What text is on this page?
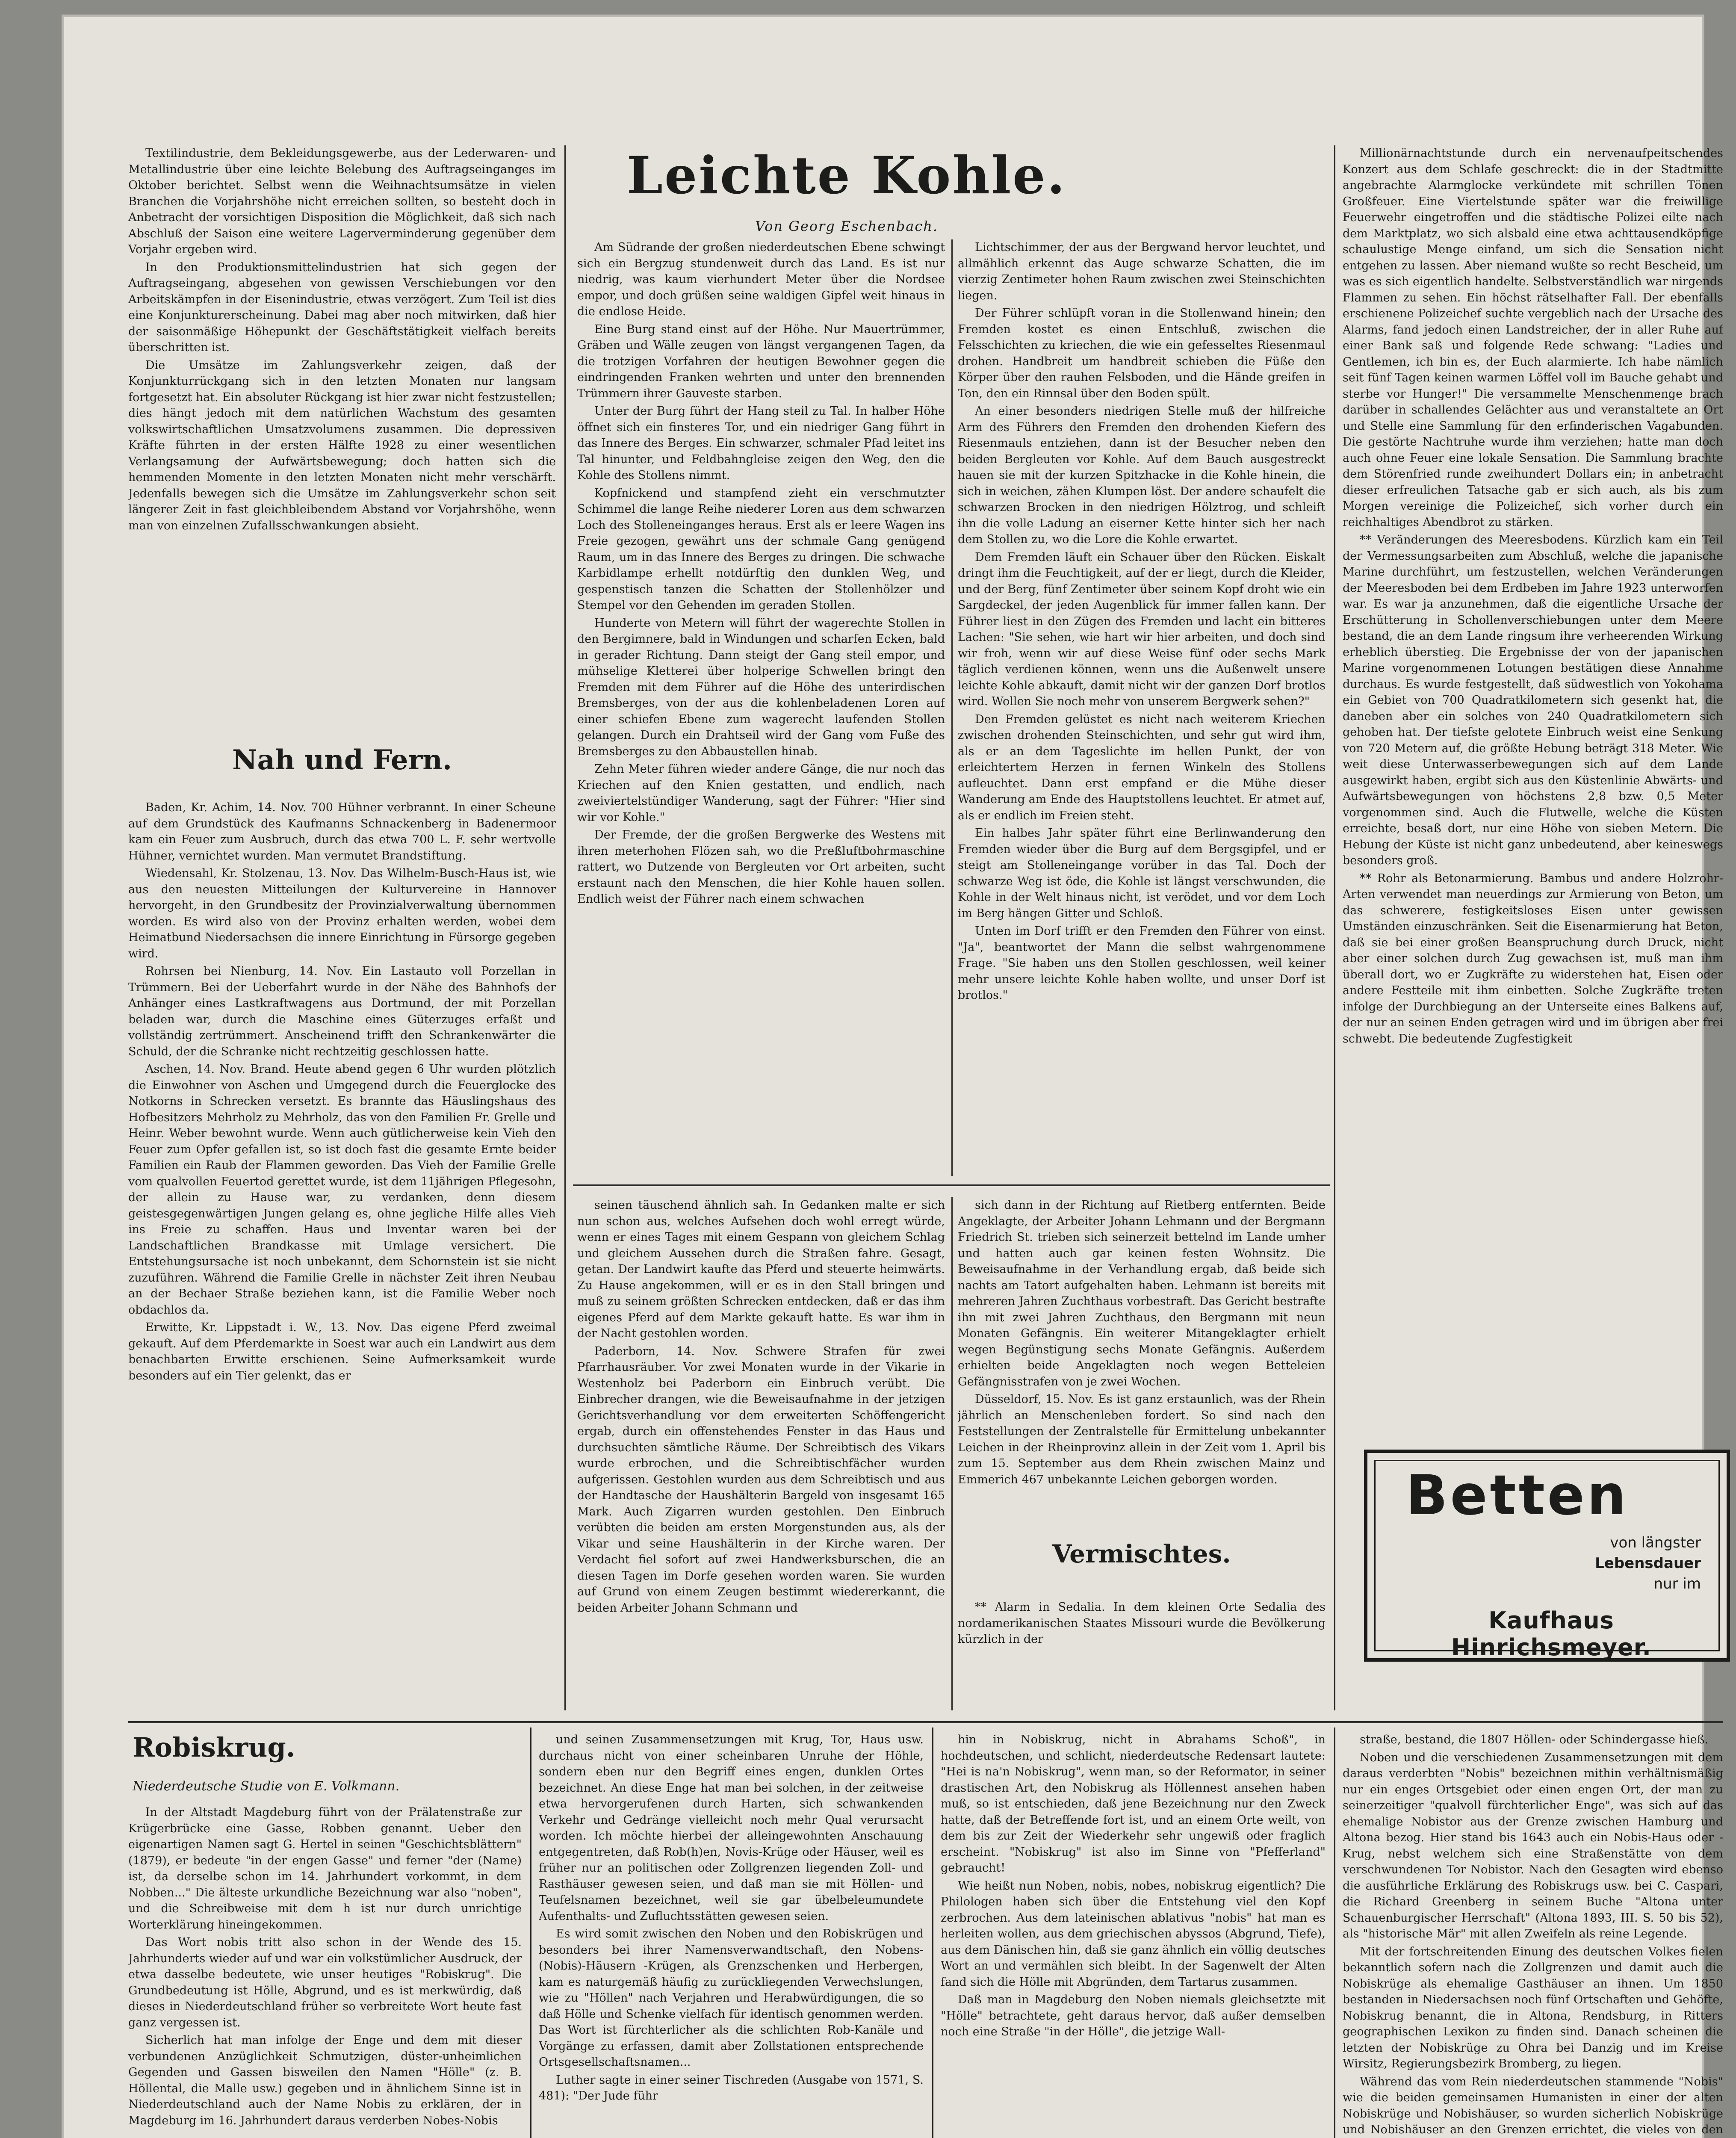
Textilindustrie, dem Bekleidungsgewerbe, aus der Lederwaren- und Metallindustrie über eine leichte Belebung des Auftragseinganges im Oktober berichtet. Selbst wenn die Weihnachtsumsätze in vielen Branchen die Vorjahrshöhe nicht erreichen sollten, so besteht doch in Anbetracht der vorsichtigen Disposition die Möglichkeit, daß sich nach Abschluß der Saison eine weitere Lagerverminderung gegenüber dem Vorjahr ergeben wird.

In den Produktionsmittelindustrien hat sich gegen der Auftragseingang, abgesehen von gewissen Verschiebungen vor den Arbeitskämpfen in der Eisenindustrie, etwas verzögert. Zum Teil ist dies eine Konjunkturerscheinung. Dabei mag aber noch mitwirken, daß hier der saisonmäßige Höhepunkt der Geschäftstätigkeit vielfach bereits überschritten ist.

Die Umsätze im Zahlungsverkehr zeigen, daß der Konjunkturrückgang sich in den letzten Monaten nur langsam fortgesetzt hat. Ein absoluter Rückgang ist hier zwar nicht festzustellen; dies hängt jedoch mit dem natürlichen Wachstum des gesamten volkswirtschaftlichen Umsatzvolumens zusammen. Die depressiven Kräfte führten in der ersten Hälfte 1928 zu einer wesentlichen Verlangsamung der Aufwärtsbewegung; doch hatten sich die hemmenden Momente in den letzten Monaten nicht mehr verschärft. Jedenfalls bewegen sich die Umsätze im Zahlungsverkehr schon seit längerer Zeit in fast gleichbleibendem Abstand vor Vorjahrshöhe, wenn man von einzelnen Zufallsschwankungen absieht.

Nah und Fern.

Baden, Kr. Achim, 14. Nov. 700 Hühner verbrannt. In einer Scheune auf dem Grundstück des Kaufmanns Schnackenberg in Badenermoor kam ein Feuer zum Ausbruch, durch das etwa 700 L. F. sehr wertvolle Hühner, vernichtet wurden. Man vermutet Brandstiftung.

Wiedensahl, Kr. Stolzenau, 13. Nov. Das Wilhelm-Busch-Haus ist, wie aus den neuesten Mitteilungen der Kulturvereine in Hannover hervorgeht, in den Grundbesitz der Provinzialverwaltung übernommen worden. Es wird also von der Provinz erhalten werden, wobei dem Heimatbund Niedersachsen die innere Einrichtung in Fürsorge gegeben wird.

Rohrsen bei Nienburg, 14. Nov. Ein Lastauto voll Porzellan in Trümmern. Bei der Ueberfahrt wurde in der Nähe des Bahnhofs der Anhänger eines Lastkraftwagens aus Dortmund, der mit Porzellan beladen war, durch die Maschine eines Güterzuges erfaßt und vollständig zertrümmert. Anscheinend trifft den Schrankenwärter die Schuld, der die Schranke nicht rechtzeitig geschlossen hatte.

Aschen, 14. Nov. Brand. Heute abend gegen 6 Uhr wurden plötzlich die Einwohner von Aschen und Umgegend durch die Feuerglocke des Notkorns in Schrecken versetzt. Es brannte das Häuslingshaus des Hofbesitzers Mehrholz zu Mehrholz, das von den Familien Fr. Grelle und Heinr. Weber bewohnt wurde. Wenn auch gütlicherweise kein Vieh den Feuer zum Opfer gefallen ist, so ist doch fast die gesamte Ernte beider Familien ein Raub der Flammen geworden. Das Vieh der Familie Grelle vom qualvollen Feuertod gerettet wurde, ist dem 11jährigen Pflegesohn, der allein zu Hause war, zu verdanken, denn diesem geistesgegenwärtigen Jungen gelang es, ohne jegliche Hilfe alles Vieh ins Freie zu schaffen. Haus und Inventar waren bei der Landschaftlichen Brandkasse mit Umlage versichert. Die Entstehungsursache ist noch unbekannt, dem Schornstein ist sie nicht zuzuführen. Während die Familie Grelle in nächster Zeit ihren Neubau an der Bechaer Straße beziehen kann, ist die Familie Weber noch obdachlos da.

Erwitte, Kr. Lippstadt i. W., 13. Nov. Das eigene Pferd zweimal gekauft. Auf dem Pferdemarkte in Soest war auch ein Landwirt aus dem benachbarten Erwitte erschienen. Seine Aufmerksamkeit wurde besonders auf ein Tier gelenkt, das er

Leichte Kohle.
Von Georg Eschenbach.

Am Südrande der großen niederdeutschen Ebene schwingt sich ein Bergzug stundenweit durch das Land. Es ist nur niedrig, was kaum vierhundert Meter über die Nordsee empor, und doch grüßen seine waldigen Gipfel weit hinaus in die endlose Heide.

Eine Burg stand einst auf der Höhe. Nur Mauertrümmer, Gräben und Wälle zeugen von längst vergangenen Tagen, da die trotzigen Vorfahren der heutigen Bewohner gegen die eindringenden Franken wehrten und unter den brennenden Trümmern ihrer Gauveste starben.

Unter der Burg führt der Hang steil zu Tal. In halber Höhe öffnet sich ein finsteres Tor, und ein niedriger Gang führt in das Innere des Berges. Ein schwarzer, schmaler Pfad leitet ins Tal hinunter, und Feldbahngleise zeigen den Weg, den die Kohle des Stollens nimmt.

Kopfnickend und stampfend zieht ein verschmutzter Schimmel die lange Reihe niederer Loren aus dem schwarzen Loch des Stolleneinganges heraus. Erst als er leere Wagen ins Freie gezogen, gewährt uns der schmale Gang genügend Raum, um in das Innere des Berges zu dringen. Die schwache Karbidlampe erhellt notdürftig den dunklen Weg, und gespenstisch tanzen die Schatten der Stollenhölzer und Stempel vor den Gehenden im geraden Stollen.

Hunderte von Metern will führt der wagerechte Stollen in den Bergimnere, bald in Windungen und scharfen Ecken, bald in gerader Richtung. Dann steigt der Gang steil empor, und mühselige Kletterei über holperige Schwellen bringt den Fremden mit dem Führer auf die Höhe des unterirdischen Bremsberges, von der aus die kohlenbeladenen Loren auf einer schiefen Ebene zum wagerecht laufenden Stollen gelangen. Durch ein Drahtseil wird der Gang vom Fuße des Bremsberges zu den Abbaustellen hinab.

Zehn Meter führen wieder andere Gänge, die nur noch das Kriechen auf den Knien gestatten, und endlich, nach zweiviertelstündiger Wanderung, sagt der Führer: "Hier sind wir vor Kohle."

Der Fremde, der die großen Bergwerke des Westens mit ihren meterhohen Flözen sah, wo die Preßluftbohrmaschine rattert, wo Dutzende von Bergleuten vor Ort arbeiten, sucht erstaunt nach den Menschen, die hier Kohle hauen sollen. Endlich weist der Führer nach einem schwachen

Lichtschimmer, der aus der Bergwand hervor leuchtet, und allmählich erkennt das Auge schwarze Schatten, die im vierzig Zentimeter hohen Raum zwischen zwei Steinschichten liegen.

Der Führer schlüpft voran in die Stollenwand hinein; den Fremden kostet es einen Entschluß, zwischen die Felsschichten zu kriechen, die wie ein gefesseltes Riesenmaul drohen. Handbreit um handbreit schieben die Füße den Körper über den rauhen Felsboden, und die Hände greifen in Ton, den ein Rinnsal über den Boden spült.

An einer besonders niedrigen Stelle muß der hilfreiche Arm des Führers den Fremden den drohenden Kiefern des Riesenmauls entziehen, dann ist der Besucher neben den beiden Bergleuten vor Kohle. Auf dem Bauch ausgestreckt hauen sie mit der kurzen Spitzhacke in die Kohle hinein, die sich in weichen, zähen Klumpen löst. Der andere schaufelt die schwarzen Brocken in den niedrigen Hölztrog, und schleift ihn die volle Ladung an eiserner Kette hinter sich her nach dem Stollen zu, wo die Lore die Kohle erwartet.

Dem Fremden läuft ein Schauer über den Rücken. Eiskalt dringt ihm die Feuchtigkeit, auf der er liegt, durch die Kleider, und der Berg, fünf Zentimeter über seinem Kopf droht wie ein Sargdeckel, der jeden Augenblick für immer fallen kann. Der Führer liest in den Zügen des Fremden und lacht ein bitteres Lachen: "Sie sehen, wie hart wir hier arbeiten, und doch sind wir froh, wenn wir auf diese Weise fünf oder sechs Mark täglich verdienen können, wenn uns die Außenwelt unsere leichte Kohle abkauft, damit nicht wir der ganzen Dorf brotlos wird. Wollen Sie noch mehr von unserem Bergwerk sehen?"

Den Fremden gelüstet es nicht nach weiterem Kriechen zwischen drohenden Steinschichten, und sehr gut wird ihm, als er an dem Tageslichte im hellen Punkt, der von erleichtertem Herzen in fernen Winkeln des Stollens aufleuchtet. Dann erst empfand er die Mühe dieser Wanderung am Ende des Hauptstollens leuchtet. Er atmet auf, als er endlich im Freien steht.

Ein halbes Jahr später führt eine Berlinwanderung den Fremden wieder über die Burg auf dem Bergsgipfel, und er steigt am Stolleneingange vorüber in das Tal. Doch der schwarze Weg ist öde, die Kohle ist längst verschwunden, die Kohle in der Welt hinaus nicht, ist verödet, und vor dem Loch im Berg hängen Gitter und Schloß.

Unten im Dorf trifft er den Fremden den Führer von einst. "Ja", beantwortet der Mann die selbst wahrgenommene Frage. "Sie haben uns den Stollen geschlossen, weil keiner mehr unsere leichte Kohle haben wollte, und unser Dorf ist brotlos."

Millionärnachtstunde durch ein nervenaufpeitschendes Konzert aus dem Schlafe geschreckt: die in der Stadtmitte angebrachte Alarmglocke verkündete mit schrillen Tönen Großfeuer. Eine Viertelstunde später war die freiwillige Feuerwehr eingetroffen und die städtische Polizei eilte nach dem Marktplatz, wo sich alsbald eine etwa achttausendköpfige schaulustige Menge einfand, um sich die Sensation nicht entgehen zu lassen. Aber niemand wußte so recht Bescheid, um was es sich eigentlich handelte. Selbstverständlich war nirgends Flammen zu sehen. Ein höchst rätselhafter Fall. Der ebenfalls erschienene Polizeichef suchte vergeblich nach der Ursache des Alarms, fand jedoch einen Landstreicher, der in aller Ruhe auf einer Bank saß und folgende Rede schwang: "Ladies und Gentlemen, ich bin es, der Euch alarmierte. Ich habe nämlich seit fünf Tagen keinen warmen Löffel voll im Bauche gehabt und sterbe vor Hunger!" Die versammelte Menschenmenge brach darüber in schallendes Gelächter aus und veranstaltete an Ort und Stelle eine Sammlung für den erfinderischen Vagabunden. Die gestörte Nachtruhe wurde ihm verziehen; hatte man doch auch ohne Feuer eine lokale Sensation. Die Sammlung brachte dem Störenfried runde zweihundert Dollars ein; in anbetracht dieser erfreulichen Tatsache gab er sich auch, als bis zum Morgen vereinige die Polizeichef, sich vorher durch ein reichhaltiges Abendbrot zu stärken.

** Veränderungen des Meeresbodens. Kürzlich kam ein Teil der Vermessungsarbeiten zum Abschluß, welche die japanische Marine durchführt, um festzustellen, welchen Veränderungen der Meeresboden bei dem Erdbeben im Jahre 1923 unterworfen war. Es war ja anzunehmen, daß die eigentliche Ursache der Erschütterung in Schollenverschiebungen unter dem Meere bestand, die an dem Lande ringsum ihre verheerenden Wirkung erheblich überstieg. Die Ergebnisse der von der japanischen Marine vorgenommenen Lotungen bestätigen diese Annahme durchaus. Es wurde festgestellt, daß südwestlich von Yokohama ein Gebiet von 700 Quadratkilometern sich gesenkt hat, die daneben aber ein solches von 240 Quadratkilometern sich gehoben hat. Der tiefste gelotete Einbruch weist eine Senkung von 720 Metern auf, die größte Hebung beträgt 318 Meter. Wie weit diese Unterwasserbewegungen sich auf dem Lande ausgewirkt haben, ergibt sich aus den Küstenlinie Abwärts- und Aufwärtsbewegungen von höchstens 2,8 bzw. 0,5 Meter vorgenommen sind. Auch die Flutwelle, welche die Küsten erreichte, besaß dort, nur eine Höhe von sieben Metern. Die Hebung der Küste ist nicht ganz unbedeutend, aber keineswegs besonders groß.

** Rohr als Betonarmierung. Bambus und andere Holzrohr-Arten verwendet man neuerdings zur Armierung von Beton, um das schwerere, festigkeitsloses Eisen unter gewissen Umständen einzuschränken. Seit die Eisenarmierung hat Beton, daß sie bei einer großen Beanspruchung durch Druck, nicht aber einer solchen durch Zug gewachsen ist, muß man ihm überall dort, wo er Zugkräfte zu widerstehen hat, Eisen oder andere Festteile mit ihm einbetten. Solche Zugkräfte treten infolge der Durchbiegung an der Unterseite eines Balkens auf, der nur an seinen Enden getragen wird und im übrigen aber frei schwebt. Die bedeutende Zugfestigkeit

seinen täuschend ähnlich sah. In Gedanken malte er sich nun schon aus, welches Aufsehen doch wohl erregt würde, wenn er eines Tages mit einem Gespann von gleichem Schlag und gleichem Aussehen durch die Straßen fahre. Gesagt, getan. Der Landwirt kaufte das Pferd und steuerte heimwärts. Zu Hause angekommen, will er es in den Stall bringen und muß zu seinem größten Schrecken entdecken, daß er das ihm eigenes Pferd auf dem Markte gekauft hatte. Es war ihm in der Nacht gestohlen worden.

Paderborn, 14. Nov. Schwere Strafen für zwei Pfarrhausräuber. Vor zwei Monaten wurde in der Vikarie in Westenholz bei Paderborn ein Einbruch verübt. Die Einbrecher drangen, wie die Beweisaufnahme in der jetzigen Gerichtsverhandlung vor dem erweiterten Schöffengericht ergab, durch ein offenstehendes Fenster in das Haus und durchsuchten sämtliche Räume. Der Schreibtisch des Vikars wurde erbrochen, und die Schreibtischfächer wurden aufgerissen. Gestohlen wurden aus dem Schreibtisch und aus der Handtasche der Haushälterin Bargeld von insgesamt 165 Mark. Auch Zigarren wurden gestohlen. Den Einbruch verübten die beiden am ersten Morgenstunden aus, als der Vikar und seine Haushälterin in der Kirche waren. Der Verdacht fiel sofort auf zwei Handwerksburschen, die an diesen Tagen im Dorfe gesehen worden waren. Sie wurden auf Grund von einem Zeugen bestimmt wiedererkannt, die beiden Arbeiter Johann Schmann und

sich dann in der Richtung auf Rietberg entfernten. Beide Angeklagte, der Arbeiter Johann Lehmann und der Bergmann Friedrich St. trieben sich seinerzeit bettelnd im Lande umher und hatten auch gar keinen festen Wohnsitz. Die Beweisaufnahme in der Verhandlung ergab, daß beide sich nachts am Tatort aufgehalten haben. Lehmann ist bereits mit mehreren Jahren Zuchthaus vorbestraft. Das Gericht bestrafte ihn mit zwei Jahren Zuchthaus, den Bergmann mit neun Monaten Gefängnis. Ein weiterer Mitangeklagter erhielt wegen Begünstigung sechs Monate Gefängnis. Außerdem erhielten beide Angeklagten noch wegen Betteleien Gefängnisstrafen von je zwei Wochen.

Düsseldorf, 15. Nov. Es ist ganz erstaunlich, was der Rhein jährlich an Menschenleben fordert. So sind nach den Feststellungen der Zentralstelle für Ermittelung unbekannter Leichen in der Rheinprovinz allein in der Zeit vom 1. April bis zum 15. September aus dem Rhein zwischen Mainz und Emmerich 467 unbekannte Leichen geborgen worden.

Vermischtes.

** Alarm in Sedalia. In dem kleinen Orte Sedalia des nordamerikanischen Staates Missouri wurde die Bevölkerung kürzlich in der

Betten
von längster
Lebensdauer
nur im
Kaufhaus Hinrichsmeyer.
Robiskrug.
Niederdeutsche Studie von E. Volkmann.

In der Altstadt Magdeburg führt von der Prälatenstraße zur Krügerbrücke eine Gasse, Robben genannt. Ueber den eigenartigen Namen sagt G. Hertel in seinen "Geschichtsblättern" (1879), er bedeute "in der engen Gasse" und ferner "der (Name) ist, da derselbe schon im 14. Jahrhundert vorkommt, in dem Nobben..." Die älteste urkundliche Bezeichnung war also "noben", und die Schreibweise mit dem h ist nur durch unrichtige Worterklärung hineingekommen.

Das Wort nobis tritt also schon in der Wende des 15. Jahrhunderts wieder auf und war ein volkstümlicher Ausdruck, der etwa dasselbe bedeutete, wie unser heutiges "Robiskrug". Die Grundbedeutung ist Hölle, Abgrund, und es ist merkwürdig, daß dieses in Niederdeutschland früher so verbreitete Wort heute fast ganz vergessen ist.

Sicherlich hat man infolge der Enge und dem mit dieser verbundenen Anzüglichkeit Schmutzigen, düster-unheimlichen Gegenden und Gassen bisweilen den Namen "Hölle" (z. B. Höllental, die Malle usw.) gegeben und in ähnlichem Sinne ist in Niederdeutschland auch der Name Nobis zu erklären, der in Magdeburg im 16. Jahrhundert daraus verderben Nobes-Nobis

und seinen Zusammensetzungen mit Krug, Tor, Haus usw. durchaus nicht von einer scheinbaren Unruhe der Höhle, sondern eben nur den Begriff eines engen, dunklen Ortes bezeichnet. An diese Enge hat man bei solchen, in der zeitweise etwa hervorgerufenen durch Harten, sich schwankenden Verkehr und Gedränge vielleicht noch mehr Qual verursacht worden. Ich möchte hierbei der alleingewohnten Anschauung entgegentreten, daß Rob(h)en, Novis-Krüge oder Häuser, weil es früher nur an politischen oder Zollgrenzen liegenden Zoll- und Rasthäuser gewesen seien, und daß man sie mit Höllen- und Teufelsnamen bezeichnet, weil sie gar übelbeleumundete Aufenthalts- und Zufluchtsstätten gewesen seien.

Es wird somit zwischen den Noben und den Robiskrügen und besonders bei ihrer Namensverwandtschaft, den Nobens-(Nobis)-Häusern -Krügen, als Grenzschenken und Herbergen, kam es naturgemäß häufig zu zurückliegenden Verwechslungen, wie zu "Höllen" nach Verjahren und Herabwürdigungen, die so daß Hölle und Schenke vielfach für identisch genommen werden. Das Wort ist fürchterlicher als die schlichten Rob-Kanäle und Vorgänge zu erfassen, damit aber Zollstationen entsprechende Ortsgesellschaftsnamen...

Luther sagte in einer seiner Tischreden (Ausgabe von 1571, S. 481): "Der Jude führ

hin in Nobiskrug, nicht in Abrahams Schoß", in hochdeutschen, und schlicht, niederdeutsche Redensart lautete: "Hei is na'n Nobiskrug", wenn man, so der Reformator, in seiner drastischen Art, den Nobiskrug als Höllennest ansehen haben muß, so ist entschieden, daß jene Bezeichnung nur den Zweck hatte, daß der Betreffende fort ist, und an einem Orte weilt, von dem bis zur Zeit der Wiederkehr sehr ungewiß oder fraglich erscheint. "Nobiskrug" ist also im Sinne von "Pfefferland" gebraucht!

Wie heißt nun Noben, nobis, nobes, nobiskrug eigentlich? Die Philologen haben sich über die Entstehung viel den Kopf zerbrochen. Aus dem lateinischen ablativus "nobis" hat man es herleiten wollen, aus dem griechischen abyssos (Abgrund, Tiefe), aus dem Dänischen hin, daß sie ganz ähnlich ein völlig deutsches Wort an und vermählen sich bleibt. In der Sagenwelt der Alten fand sich die Hölle mit Abgründen, dem Tartarus zusammen.

Daß man in Magdeburg den Noben niemals gleichsetzte mit "Hölle" betrachtete, geht daraus hervor, daß außer demselben noch eine Straße "in der Hölle", die jetzige Wall-

straße, bestand, die 1807 Höllen- oder Schindergasse hieß.

Noben und die verschiedenen Zusammensetzungen mit dem daraus verderbten "Nobis" bezeichnen mithin verhältnismäßig nur ein enges Ortsgebiet oder einen engen Ort, der man zu seinerzeitiger "qualvoll fürchterlicher Enge", was sich auf das ehemalige Nobistor aus der Grenze zwischen Hamburg und Altona bezog. Hier stand bis 1643 auch ein Nobis-Haus oder -Krug, nebst welchem sich eine Straßenstätte von dem verschwundenen Tor Nobistor. Nach den Gesagten wird ebenso die ausführliche Erklärung des Robiskrugs usw. bei C. Caspari, die Richard Greenberg in seinem Buche "Altona unter Schauenburgischer Herrschaft" (Altona 1893, III. S. 50 bis 52), als "historische Mär" mit allen Zweifeln als reine Legende.

Mit der fortschreitenden Einung des deutschen Volkes fielen bekanntlich sofern nach die Zollgrenzen und damit auch die Nobiskrüge als ehemalige Gasthäuser an ihnen. Um 1850 bestanden in Niedersachsen noch fünf Ortschaften und Gehöfte, Nobiskrug benannt, die in Altona, Rendsburg, in Ritters geographischen Lexikon zu finden sind. Danach scheinen die letzten der Nobiskrüge zu Ohra bei Danzig und im Kreise Wirsitz, Regierungsbezirk Bromberg, zu liegen.

Während das vom Rein niederdeutschen stammende "Nobis" wie die beiden gemeinsamen Humanisten in einer der alten Nobiskrüge und Nobishäuser, so wurden sicherlich Nobiskrüge und Nobishäuser an den Grenzen errichtet, die vieles von den
